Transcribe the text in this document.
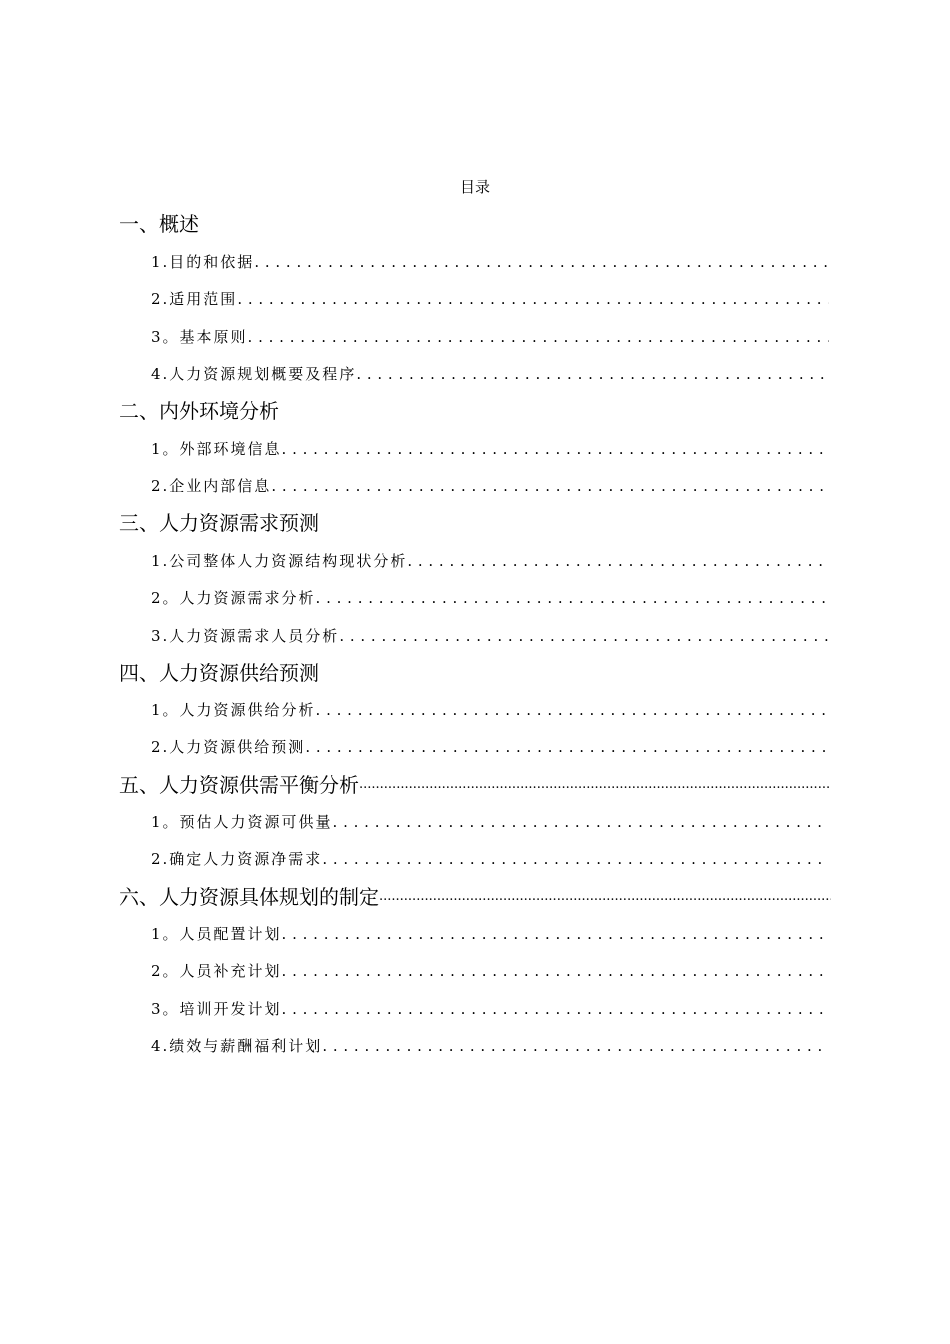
目录
一、概述
1.目的和依据
. . .
2.适用范围
. . .
3。基本原则
. . .
4.人力资源规划概要及程序
. . .
二、内外环境分析
1。外部环境信息
. . .
2.企业内部信息
. . .
三、人力资源需求预测
1.公司整体人力资源结构现状分析
. . .
2。人力资源需求分析
. . .
3.人力资源需求人员分析
. . .
四、人力资源供给预测
1。人力资源供给分析
. . .
2.人力资源供给预测
. . .
五、人力资源供需平衡分析
.....
1。预估人力资源可供量
. . .
2.确定人力资源净需求
. . .
六、人力资源具体规划的制定
.....
1。人员配置计划
. . .
2。人员补充计划
. . .
3。培训开发计划
. . .
4.绩效与薪酬福利计划
. . .
